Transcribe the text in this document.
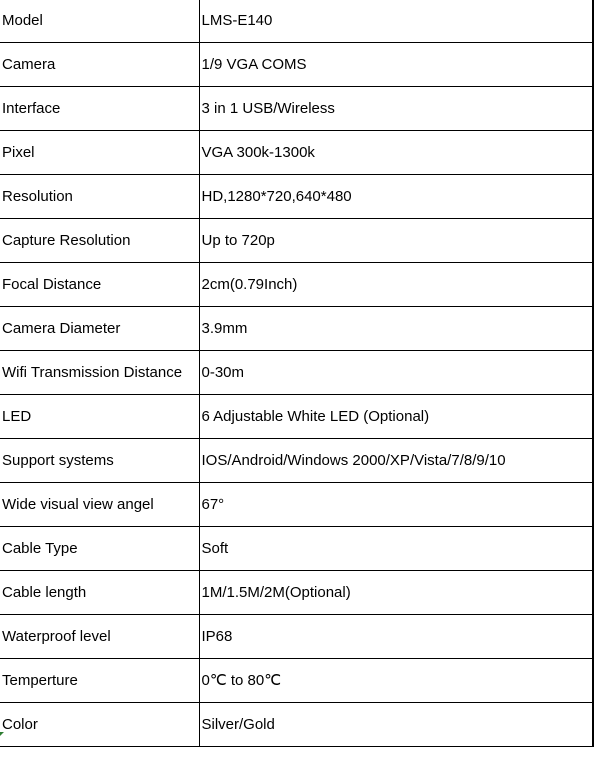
Model	LMS-E140
Camera	1/9 VGA COMS
Interface	3 in 1 USB/Wireless
Pixel	VGA 300k-1300k
Resolution	HD,1280*720,640*480
Capture Resolution	Up to 720p
Focal Distance	2cm(0.79Inch)
Camera Diameter	3.9mm
Wifi Transmission Distance	0-30m
LED	6 Adjustable White LED (Optional)
Support systems	IOS/Android/Windows 2000/XP/Vista/7/8/9/10
Wide visual view angel	67°
Cable Type	Soft
Cable length	1M/1.5M/2M(Optional)
Waterproof level	IP68
Temperture	0℃ to 80℃
Color	Silver/Gold
